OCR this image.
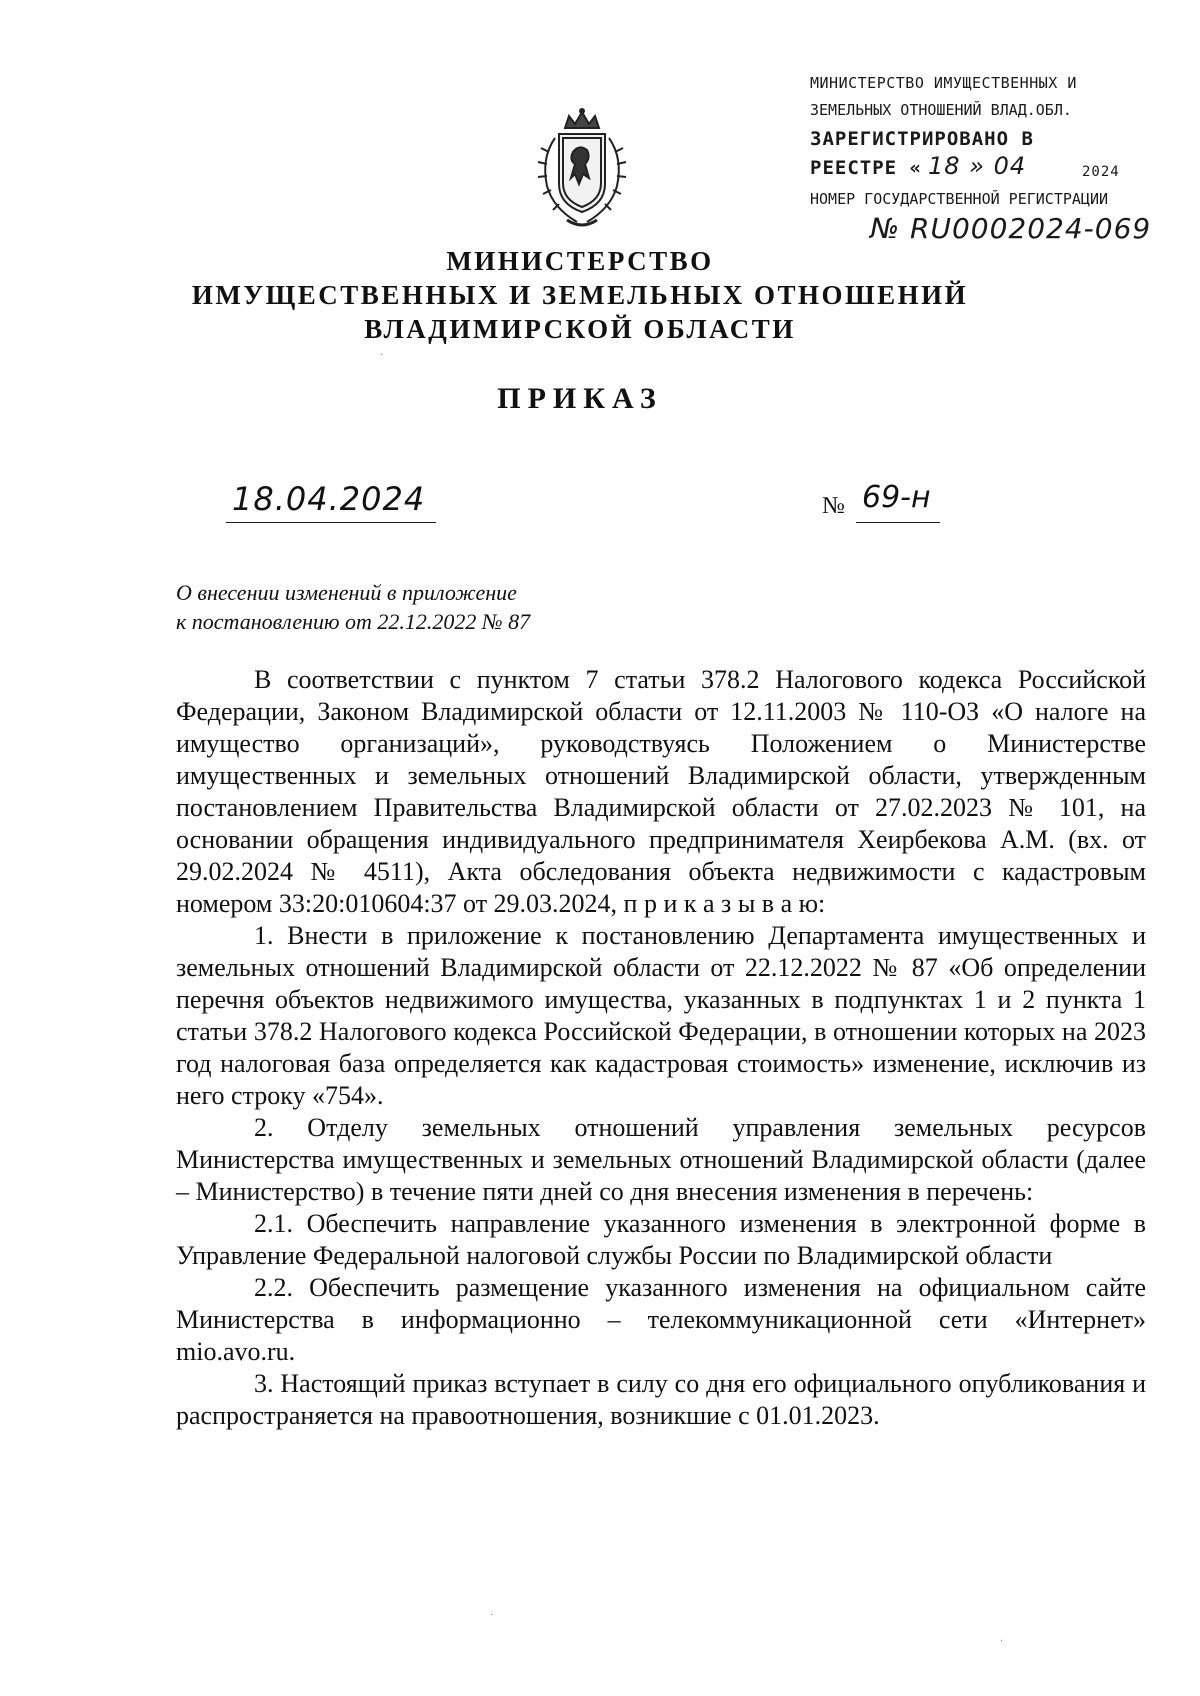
МИНИСТЕРСТВО ИМУЩЕСТВЕННЫХ И
ЗЕМЕЛЬНЫХ ОТНОШЕНИЙ ВЛАД.ОБЛ.
ЗАРЕГИСТРИРОВАНО В
РЕЕСТРЕ « 18 » 04	2024
НОМЕР ГОСУДАРСТВЕННОЙ РЕГИСТРАЦИИ
№ RU0002024-069
МИНИСТЕРСТВО
ИМУЩЕСТВЕННЫХ И ЗЕМЕЛЬНЫХ ОТНОШЕНИЙ
ВЛАДИМИРСКОЙ ОБЛАСТИ
ПРИКАЗ
18.04.2024	№ 69-н
О внесении изменений в приложение
к постановлению от 22.12.2022 № 87

В соответствии с пунктом 7 статьи 378.2 Налогового кодекса Российской Федерации, Законом Владимирской области от 12.11.2003 № 110-ОЗ «О налоге на имущество организаций», руководствуясь Положением о Министерстве имущественных и земельных отношений Владимирской области, утвержденным постановлением Правительства Владимирской области от 27.02.2023 № 101, на основании обращения индивидуального предпринимателя Хеирбекова А.М. (вх. от 29.02.2024 № 4511), Акта обследования объекта недвижимости с кадастровым номером 33:20:010604:37 от 29.03.2024, п р и к а з ы в а ю:

1. Внести в приложение к постановлению Департамента имущественных и земельных отношений Владимирской области от 22.12.2022 № 87 «Об определении перечня объектов недвижимого имущества, указанных в подпунктах 1 и 2 пункта 1 статьи 378.2 Налогового кодекса Российской Федерации, в отношении которых на 2023 год налоговая база определяется как кадастровая стоимость» изменение, исключив из него строку «754».

2. Отделу земельных отношений управления земельных ресурсов Министерства имущественных и земельных отношений Владимирской области (далее – Министерство) в течение пяти дней со дня внесения изменения в перечень:

2.1. Обеспечить направление указанного изменения в электронной форме в Управление Федеральной налоговой службы России по Владимирской области

2.2. Обеспечить размещение указанного изменения на официальном сайте Министерства в информационно – телекоммуникационной сети «Интернет» mio.avo.ru.

3. Настоящий приказ вступает в силу со дня его официального опубликования и распространяется на правоотношения, возникшие с 01.01.2023.

·
·
·
